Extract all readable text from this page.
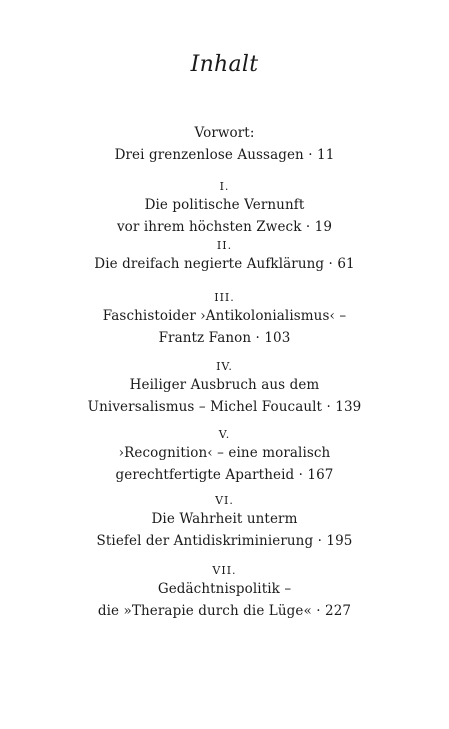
Inhalt
Vorwort:
Drei grenzenlose Aussagen · 11
I.
Die politische Vernunft
vor ihrem höchsten Zweck · 19
II.
Die dreifach negierte Aufklärung · 61
III.
Faschistoider ›Antikolonialismus‹ –
Frantz Fanon · 103
IV.
Heiliger Ausbruch aus dem
Universalismus – Michel Foucault · 139
V.
›Recognition‹ – eine moralisch
gerechtfertigte Apartheid · 167
VI.
Die Wahrheit unterm
Stiefel der Antidiskriminierung · 195
VII.
Gedächtnispolitik –
die »Therapie durch die Lüge« · 227
